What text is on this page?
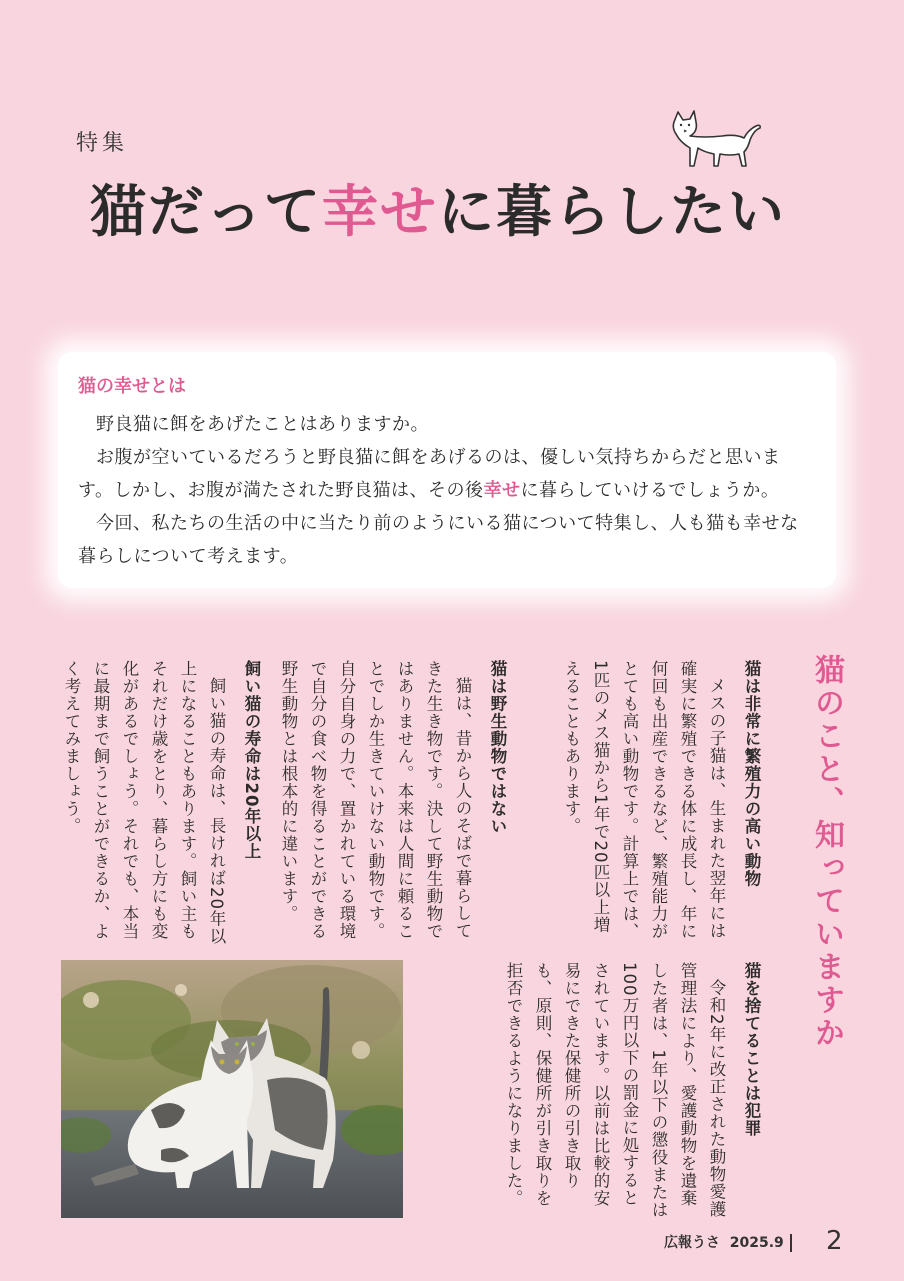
特集
猫だって幸せに暮らしたい
猫の幸せとは

野良猫に餌をあげたことはありますか。

お腹が空いているだろうと野良猫に餌をあげるのは、優しい気持ちからだと思います。しかし、お腹が満たされた野良猫は、その後幸せに暮らしていけるでしょうか。

今回、私たちの生活の中に当たり前のようにいる猫について特集し、人も猫も幸せな暮らしについて考えます。

猫のこと、知っていますか
猫は非常に繁殖力の高い動物

メスの子猫は、生まれた翌年には確実に繁殖できる体に成長し、年に何回も出産できるなど、繁殖能力がとても高い動物です。計算上では、1匹のメス猫から1年で20匹以上増えることもあります。

猫は野生動物ではない

猫は、昔から人のそばで暮らしてきた生き物です。決して野生動物ではありません。本来は人間に頼ることでしか生きていけない動物です。自分自身の力で、置かれている環境で自分の食べ物を得ることができる野生動物とは根本的に違います。

飼い猫の寿命は20年以上

飼い猫の寿命は、長ければ20年以上になることもあります。飼い主もそれだけ歳をとり、暮らし方にも変化があるでしょう。それでも、本当に最期まで飼うことができるか、よく考えてみましょう。

猫を捨てることは犯罪

令和2年に改正された動物愛護管理法により、愛護動物を遺棄した者は、1年以下の懲役または100万円以下の罰金に処すると されています。以前は比較的安易にできた保健所の引き取りも、原則、保健所が引き取りを拒否できるようになりました。

広報うさ 2025.9 2
